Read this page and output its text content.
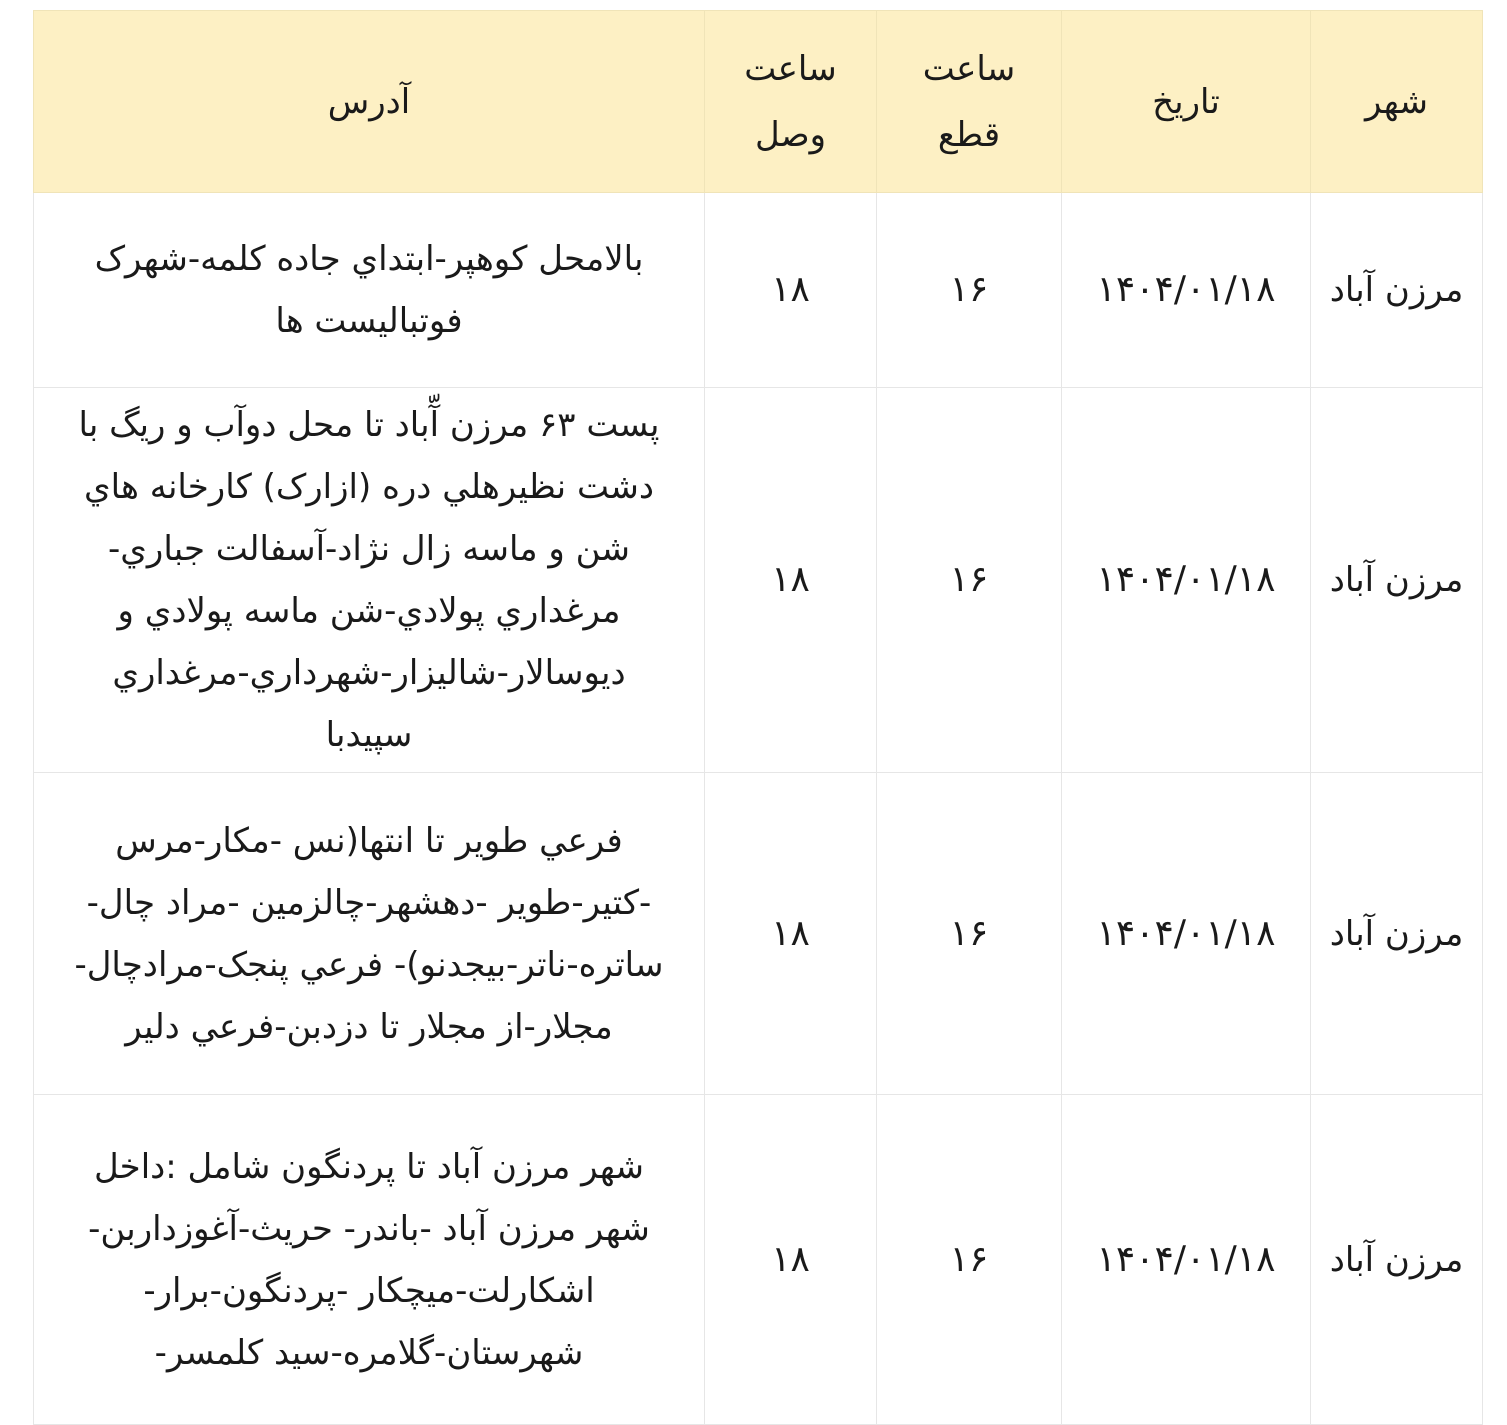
شهر	تاریخ	ساعت قطع	ساعت وصل	آدرس
مرزن آباد	۱۴۰۴/۰۱/۱۸	۱۶	۱۸	بالامحل کوهپر-ابتداي جاده کلمه-شهرک فوتباليست ها
مرزن آباد	۱۴۰۴/۰۱/۱۸	۱۶	۱۸	پست ۶۳ مرزن آّباد تا محل دوآب و ريگ با دشت نظيرهلي دره (ازارک) کارخانه هاي شن و ماسه زال نژاد-آسفالت جباري-مرغداري پولادي-شن ماسه پولادي و ديوسالار-شاليزار-شهرداري-مرغداري سپيدبا
مرزن آباد	۱۴۰۴/۰۱/۱۸	۱۶	۱۸	فرعي طوير تا انتها(نس -مکار-مرس -کتير-طوير -دهشهر-چالزمين -مراد چال-ساتره-ناتر-بيجدنو)- فرعي پنجک-مرادچال-مجلار-از مجلار تا دزدبن-فرعي دلير
مرزن آباد	۱۴۰۴/۰۱/۱۸	۱۶	۱۸	شهر مرزن آباد تا پردنگون شامل :داخل شهر مرزن آباد -باندر- حريث-آغوزداربن-اشکارلت-ميچکار -پردنگون-برار-شهرستان-گلامره-سيد کلمسر-
